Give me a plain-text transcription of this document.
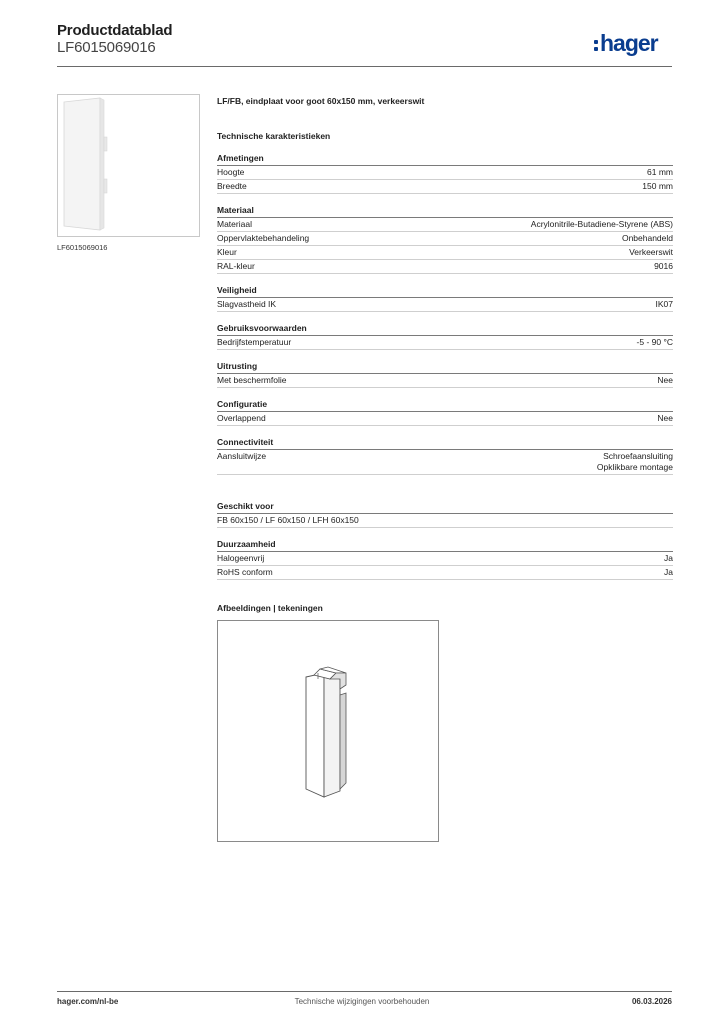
Productdatablad
LF6015069016	hager
LF6015069016
LF/FB, eindplaat voor goot 60x150 mm, verkeerswit
Technische karakteristieken
Afmetingen
Hoogte	61 mm
Breedte	150 mm
Materiaal
Materiaal	Acrylonitrile-Butadiene-Styrene (ABS)
Oppervlaktebehandeling	Onbehandeld
Kleur	Verkeerswit
RAL-kleur	9016
Veiligheid
Slagvastheid IK	IK07
Gebruiksvoorwaarden
Bedrijfstemperatuur	-5 - 90 °C
Uitrusting
Met beschermfolie	Nee
Configuratie
Overlappend	Nee
Connectiviteit
Aansluitwijze	Schroefaansluiting
Opklikbare montage
Geschikt voor
FB 60x150 / LF 60x150 / LFH 60x150
Duurzaamheid
Halogeenvrij	Ja
RoHS conform	Ja
Afbeeldingen | tekeningen
hager.com/nl-be	Technische wijzigingen voorbehouden	06.03.2026
